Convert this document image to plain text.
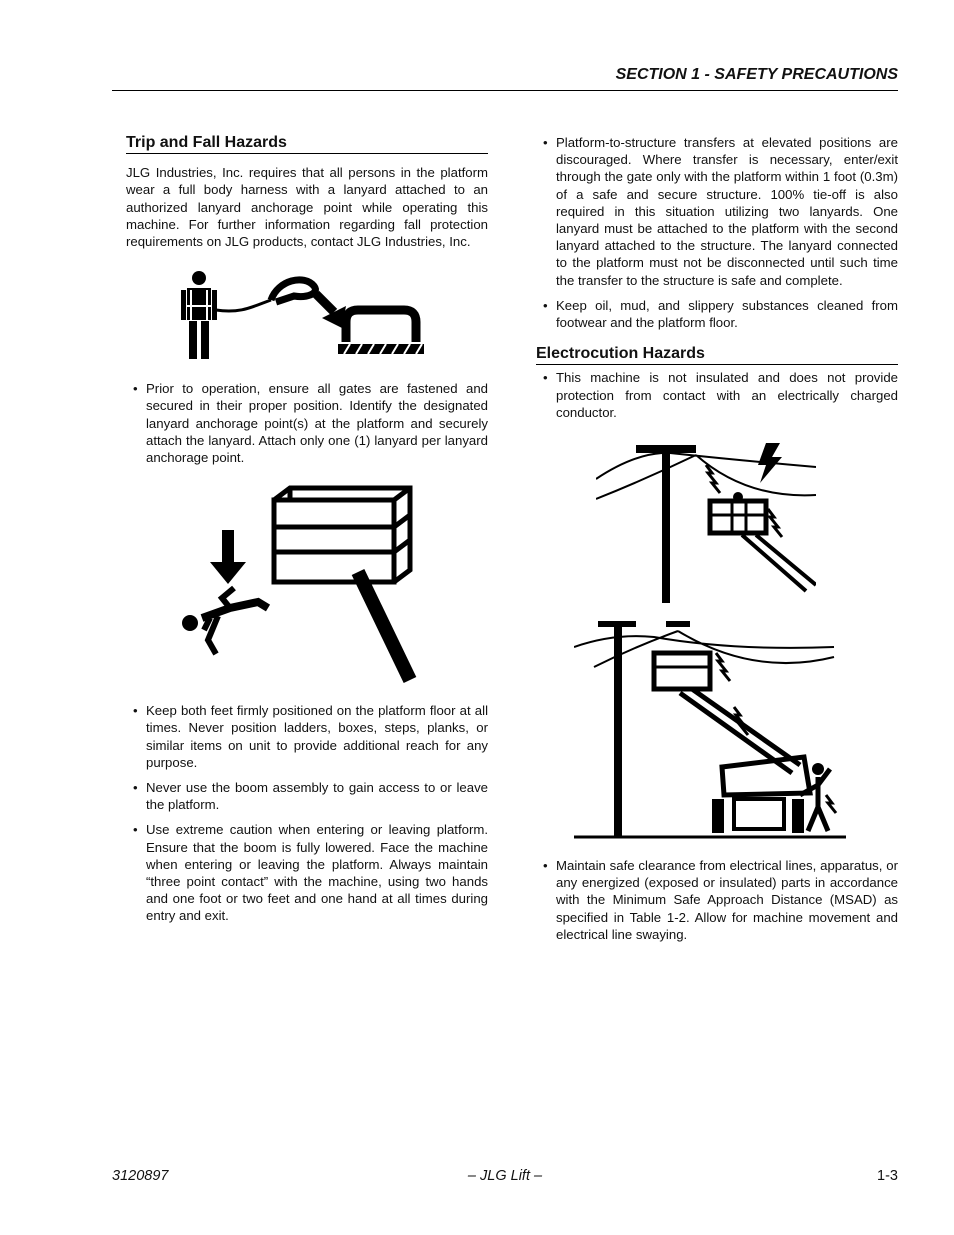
SECTION 1 - SAFETY PRECAUTIONS
Trip and Fall Hazards

JLG Industries, Inc. requires that all persons in the platform wear a full body harness with a lanyard attached to an authorized lanyard anchorage point while operating this machine. For further information regarding fall protection requirements on JLG products, contact JLG Industries, Inc.

• Prior to operation, ensure all gates are fastened and secured in their proper position. Identify the designated lanyard anchorage point(s) at the platform and securely attach the lanyard. Attach only one (1) lanyard per lanyard anchorage point.
• Keep both feet firmly positioned on the platform floor at all times. Never position ladders, boxes, steps, planks, or similar items on unit to provide additional reach for any purpose.
• Never use the boom assembly to gain access to or leave the platform.
• Use extreme caution when entering or leaving platform. Ensure that the boom is fully lowered. Face the machine when entering or leaving the platform. Always maintain “three point contact” with the machine, using two hands and one foot or two feet and one hand at all times during entry and exit.
• Platform-to-structure transfers at elevated positions are discouraged. Where transfer is necessary, enter/exit through the gate only with the platform within 1 foot (0.3m) of a safe and secure structure. 100% tie-off is also required in this situation utilizing two lanyards. One lanyard must be attached to the platform with the second lanyard attached to the structure. The lanyard connected to the platform must not be disconnected until such time the transfer to the structure is safe and complete.
• Keep oil, mud, and slippery substances cleaned from footwear and the platform floor.
Electrocution Hazards
• This machine is not insulated and does not provide protection from contact with an electrically charged conductor.
• Maintain safe clearance from electrical lines, apparatus, or any energized (exposed or insulated) parts in accordance with the Minimum Safe Approach Distance (MSAD) as specified in Table 1-2. Allow for machine movement and electrical line swaying.
3120897	– JLG Lift –	1-3
